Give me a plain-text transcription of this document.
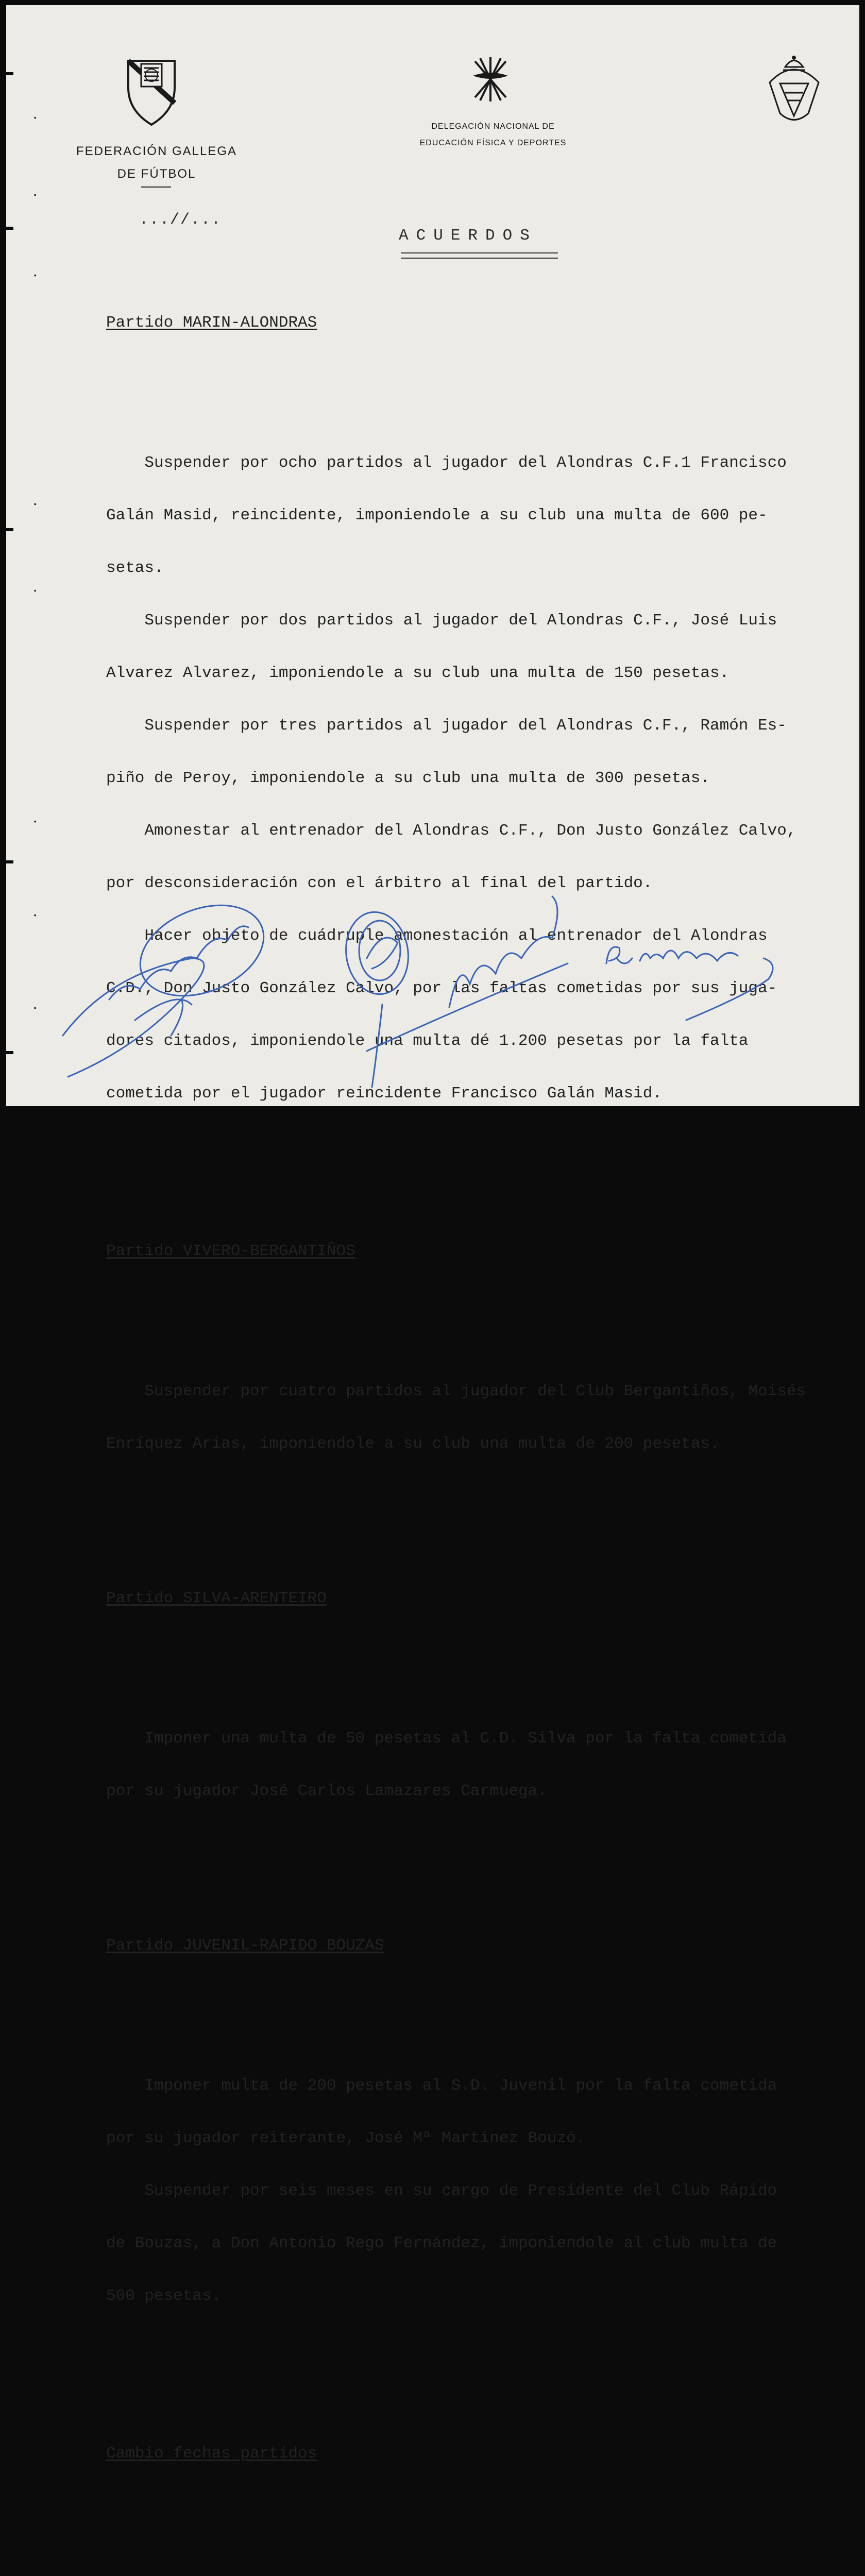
•
•
•
•
•
•
•
•
FEDERACIÓN GALLEGA
DE FÚTBOL
DELEGACIÓN NACIONAL DE
EDUCACIÓN FÍSICA Y DEPORTES
...//...
ACUERDOS

Partido MARIN-ALONDRAS

Suspender por ocho partidos al jugador del Alondras C.F.1 Francisco

Galán Masid, reincidente, imponiendole a su club una multa de 600 pe-

setas.

Suspender por dos partidos al jugador del Alondras C.F., José Luis

Alvarez Alvarez, imponiendole a su club una multa de 150 pesetas.

Suspender por tres partidos al jugador del Alondras C.F., Ramón Es-

piño de Peroy, imponiendole a su club una multa de 300 pesetas.

Amonestar al entrenador del Alondras C.F., Don Justo González Calvo,

por desconsideración con el árbitro al final del partido.

Hacer objeto de cuádruple amonestación al entrenador del Alondras

C.D., Don Justo González Calvo, por las faltas cometidas por sus juga-

dores citados, imponiendole una multa dé 1.200 pesetas por la falta

cometida por el jugador reincidente Francisco Galán Masid.

Partido VIVERO-BERGANTIÑOS

Suspender por cuatro partidos al jugador del Club Bergantiños, Moisés

Enríquez Arias, imponiendole a su club una multa de 200 pesetas.

Partido SILVA-ARENTEIRO

Imponer una multa de 50 pesetas al C.D. Silva por la falta cometida

por su jugador José Carlos Lamazares Carmuega.

Partido JUVENIL-RAPIDO BOUZAS

Imponer multa de 200 pesetas al S.D. Juvenil por la falta cometida

por su jugador reiterante, José Mª Martinez Bouzó.

Suspender por seis meses en su cargo de Presidente del Club Rápido

de Bouzas, a Don Antonio Rego Fernández, imponiendole al club multa de

500 pesetas.

Cambio fechas partidos
